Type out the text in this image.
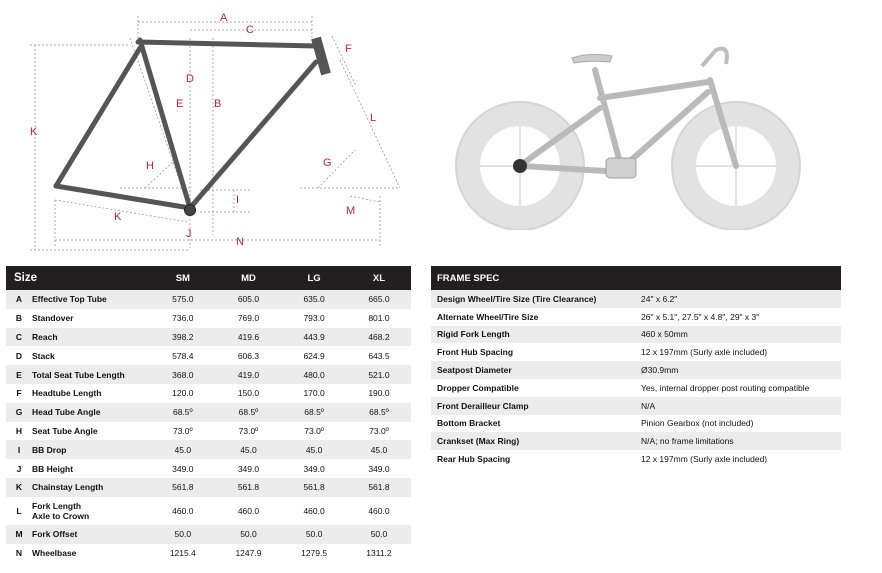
A
C
F
D
E	B
L
K
H	G
I
M
K
J
N
Size		SM	MD	LG	XL
A	Effective Top Tube	575.0	605.0	635.0	665.0
B	Standover	736.0	769.0	793.0	801.0
C	Reach	398.2	419.6	443.9	468.2
D	Stack	578.4	606.3	624.9	643.5
E	Total Seat Tube Length	368.0	419.0	480.0	521.0
F	Headtube Length	120.0	150.0	170.0	190.0
G	Head Tube Angle	68.5º	68.5º	68.5º	68.5º
H	Seat Tube Angle	73.0º	73.0º	73.0º	73.0º
I	BB Drop	45.0	45.0	45.0	45.0
J	BB Height	349.0	349.0	349.0	349.0
K	Chainstay Length	561.8	561.8	561.8	561.8
L	Fork Length
Axle to Crown	460.0	460.0	460.0	460.0
M	Fork Offset	50.0	50.0	50.0	50.0
N	Wheelbase	1215.4	1247.9	1279.5	1311.2
FRAME SPEC	
Design Wheel/Tire Size (Tire Clearance)	24" x 6.2"
Alternate Wheel/Tire Size	26" x 5.1", 27.5" x 4.8", 29" x 3"
Rigid Fork Length	460 x 50mm
Front Hub Spacing	12 x 197mm (Surly axle included)
Seatpost Diameter	Ø30.9mm
Dropper Compatible	Yes, internal dropper post routing compatible
Front Derailleur Clamp	N/A
Bottom Bracket	Pinion Gearbox (not included)
Crankset (Max Ring)	N/A; no frame limitations
Rear Hub Spacing	12 x 197mm (Surly axle included)
